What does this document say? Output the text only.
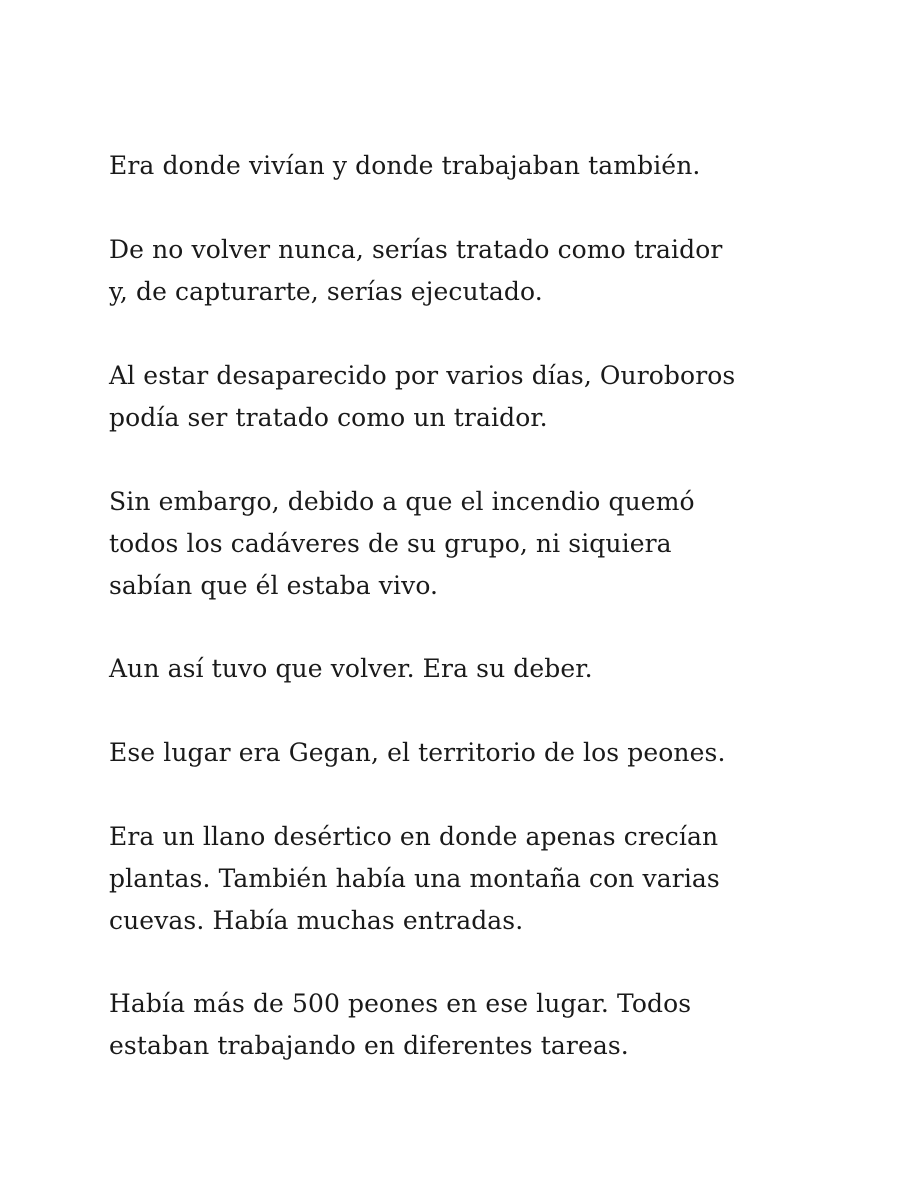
Era donde vivían y donde trabajaban también.

De no volver nunca, serías tratado como traidor
y, de capturarte, serías ejecutado.

Al estar desaparecido por varios días, Ouroboros
podía ser tratado como un traidor.

Sin embargo, debido a que el incendio quemó
todos los cadáveres de su grupo, ni siquiera
sabían que él estaba vivo.

Aun así tuvo que volver. Era su deber.

Ese lugar era Gegan, el territorio de los peones.

Era un llano desértico en donde apenas crecían
plantas. También había una montaña con varias
cuevas. Había muchas entradas.

Había más de 500 peones en ese lugar. Todos
estaban trabajando en diferentes tareas.
